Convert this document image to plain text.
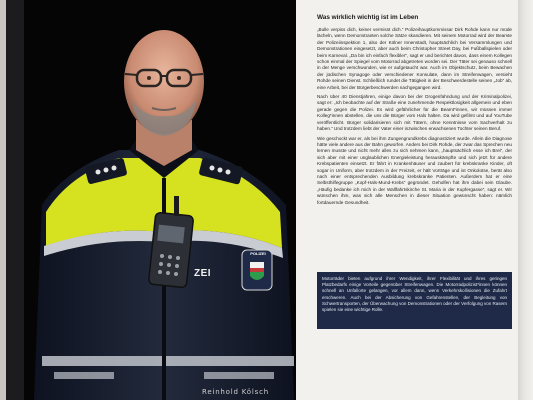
ZEI
POLIZEI
Reinhold Kölsch
Was wirklich wichtig ist im Leben

„Bulle verpiss dich, keiner vermisst dich.“ Polizeihauptkommissar Dirk Rohde kann nur müde lächeln, wenn Demonstranten solche Sätze skandieren. Mit seinem Motorrad wird der Beamte der Polizeiinspektion 1, also der Kölner Innenstadt, hauptsächlich bei Versammlungen und Demonstrationen eingesetzt, aber auch beim Christopher Street Day, bei Fußballspielen oder beim Karneval. „Da bin ich einfach flexibler“, sagt er und berichtet davon, dass einem Kollegen schon einmal der Spiegel vom Motorrad abgetreten worden sei. Der Täter sei genauso schnell in der Menge verschwunden, wie er aufgetaucht war. Auch im Objektschutz, beim Bewachen der jüdischen Synagoge oder verschiedener Konsulate, dann im Streifenwagen, versieht Rohde seinen Dienst. Schließlich rundet die Tätigkeit in der Beschwerdestelle seinen „Job“ ab, eine Arbeit, bei der Bürgerbeschwerden nachgegangen wird.

Nach über 40 Dienstjahren, einige davon bei der Drogenfahndung und der Kriminalpolizei, sagt er: „Ich beobachte auf der Straße eine zunehmende Respektlosigkeit allgemein und eben gerade gegen die Polizei. Es wird gefährlicher für die Beamt*innen, wir müssen immer Kolleg*innen abstellen, die uns die Bürger vom Hals halten. Da wird gefilmt und auf YouTube veröffentlicht. Bürger solidarisieren sich mit Tätern, ohne Kenntnisse vom Sachverhalt zu haben.“ Und trotzdem liebt der Vater einer inzwischen erwachsenen Tochter seinen Beruf.

Wie geschockt war er, als bei ihm Zungengrundkrebs diagnostiziert wurde. Allein die Diagnose hätte viele andere aus der Bahn geworfen. Anders bei Dirk Rohde, der zwar das Sprechen neu lernen musste und nicht mehr alles zu sich nehmen kann, „hauptsächlich esse ich Brei“, der sich aber mit einer unglaublichen Energieleistung herauskämpfte und sich jetzt für andere Krebspatienten einsetzt. Er fährt in Krankenhäuser und zaubert für krebskranke Kinder, oft sogar in Uniform, aber trotzdem in der Freizeit, er hält Vorträge und ist Onkolotse, berät also nach einer entsprechenden Ausbildung krebskranke Patienten. Außerdem hat er eine Selbsthilfegruppe „Kopf-Hals-Mund-Krebs“ gegründet. Geholfen hat ihm dabei sein Glaube. „Häufig bedanke ich mich in der Wallfahrtskirche St. Maria in der Kupfergasse“, sagt er. Wir wünschen ihm, was sich alle Menschen in dieser Situation gewünscht haben: nämlich fortdauernde Gesundheit.

Motorräder bieten aufgrund ihrer Wendigkeit, ihrer Flexibilität und ihres geringen Platzbedarfs einige Vorteile gegenüber Streifenwagen. Die Motorradpolizist*innen können schnell an Unfallorte gelangen, vor allem dann, wenn Verkehrskollisionen die Zufahrt erschweren. Auch bei der Absicherung von Gefahrenstellen, der Begleitung von Schwertransporten, der Überwachung von Demonstrationen oder der Verfolgung von Rasern spielen sie eine wichtige Rolle.
